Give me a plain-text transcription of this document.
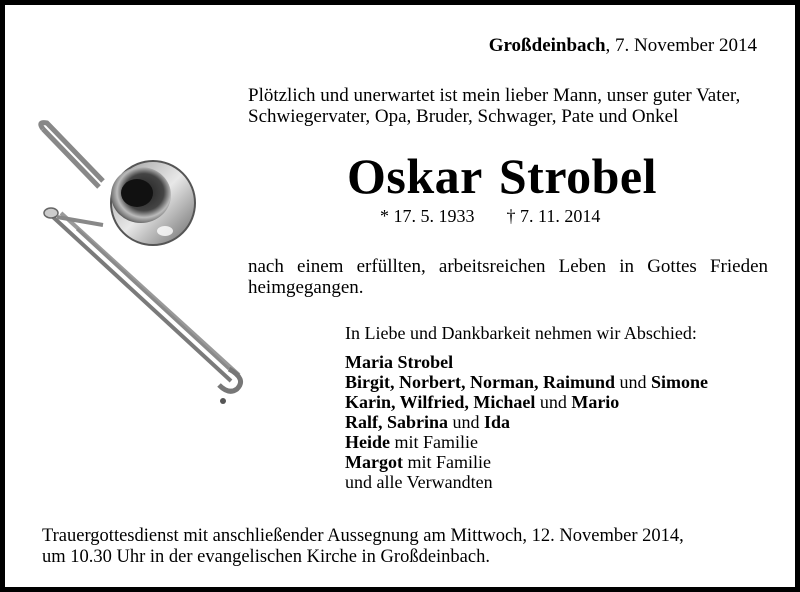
Großdeinbach, 7. November 2014

Plötzlich und unerwartet ist mein lieber Mann, unser guter Vater,

Schwiegervater, Opa, Bruder, Schwager, Pate und Onkel

Oskar Strobel
* 17. 5. 1933 † 7. 11. 2014

nach einem erfüllten, arbeitsreichen Leben in Gottes Frieden

heimgegangen.

In Liebe und Dankbarkeit nehmen wir Abschied:
Maria Strobel
Birgit, Norbert, Norman, Raimund und Simone
Karin, Wilfried, Michael und Mario
Ralf, Sabrina und Ida
Heide mit Familie
Margot mit Familie
und alle Verwandten

Trauergottesdienst mit anschließender Aussegnung am Mittwoch, 12. November 2014,

um 10.30 Uhr in der evangelischen Kirche in Großdeinbach.
